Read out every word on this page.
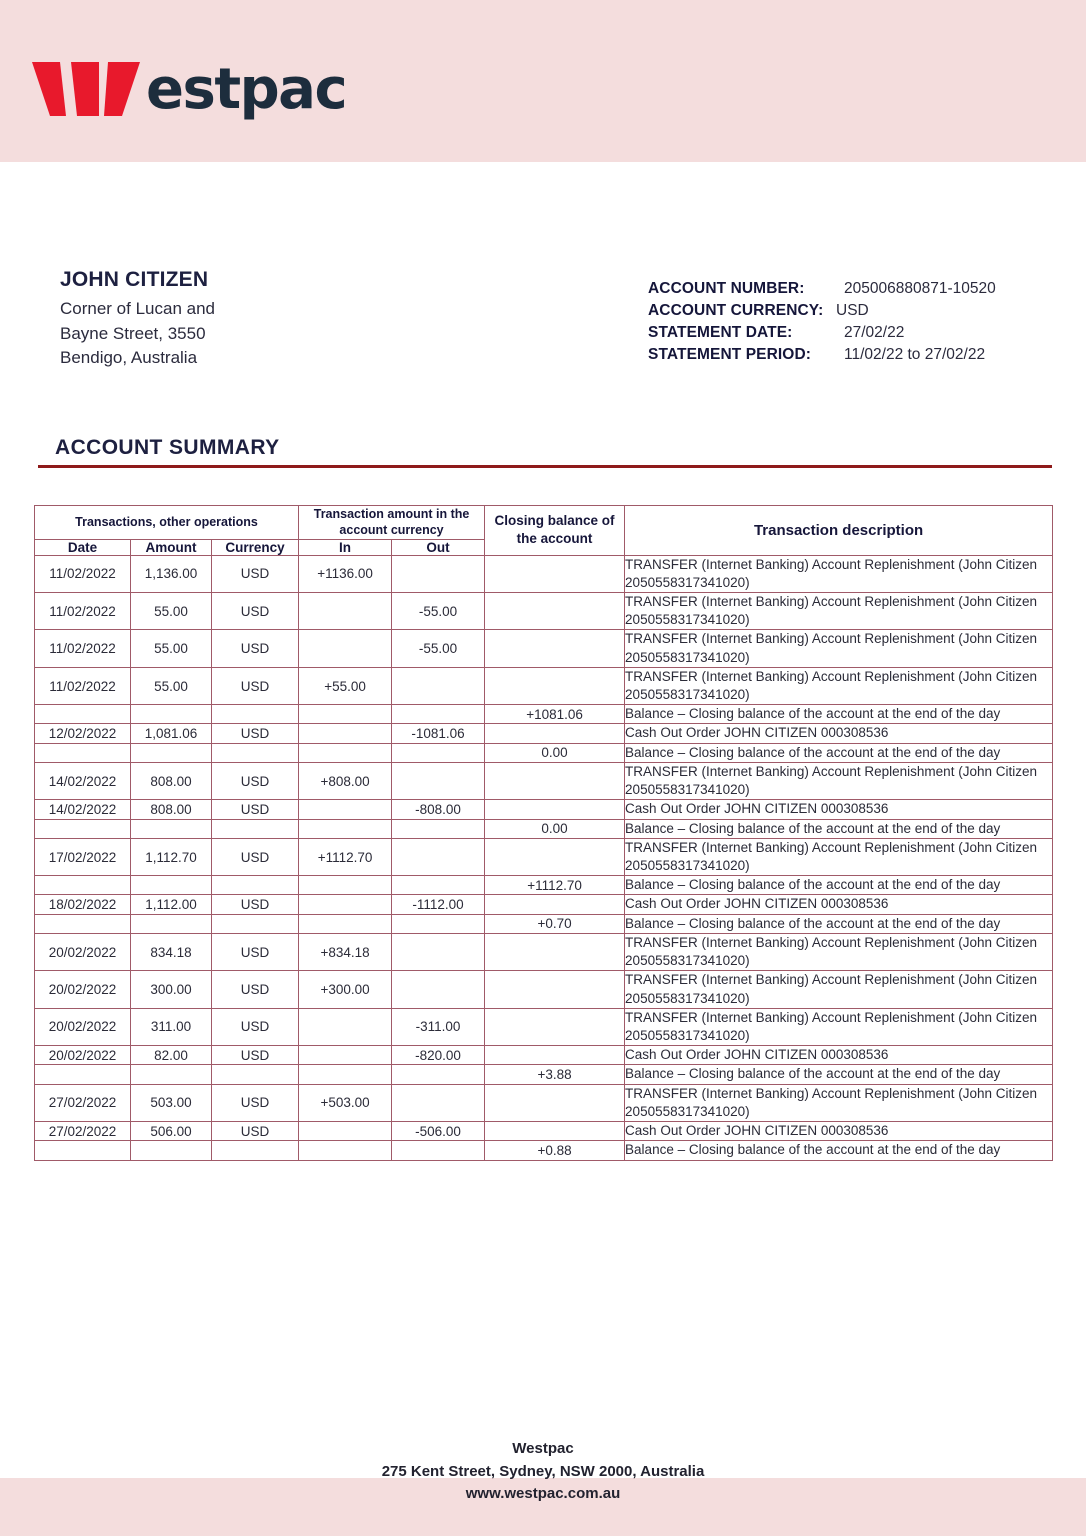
estpac
JOHN CITIZEN
Corner of Lucan and
Bayne Street, 3550
Bendigo, Australia
ACCOUNT NUMBER:	205006880871-10520
ACCOUNT CURRENCY: USD
STATEMENT DATE:	27/02/22
STATEMENT PERIOD:	11/02/22 to 27/02/22
ACCOUNT SUMMARY
Transactions, other operations			Transaction amount in the account currency		Closing balance of the account	Transaction description
Date	Amount	Currency	In	Out		
11/02/2022	1,136.00	USD	+1136.00			TRANSFER (Internet Banking) Account Replenishment (John Citizen 2050558317341020)
11/02/2022	55.00	USD		-55.00		TRANSFER (Internet Banking) Account Replenishment (John Citizen 2050558317341020)
11/02/2022	55.00	USD		-55.00		TRANSFER (Internet Banking) Account Replenishment (John Citizen 2050558317341020)
11/02/2022	55.00	USD	+55.00			TRANSFER (Internet Banking) Account Replenishment (John Citizen 2050558317341020)
					+1081.06	Balance – Closing balance of the account at the end of the day
12/02/2022	1,081.06	USD		-1081.06		Cash Out Order JOHN CITIZEN 000308536
					0.00	Balance – Closing balance of the account at the end of the day
14/02/2022	808.00	USD	+808.00			TRANSFER (Internet Banking) Account Replenishment (John Citizen 2050558317341020)
14/02/2022	808.00	USD		-808.00		Cash Out Order JOHN CITIZEN 000308536
					0.00	Balance – Closing balance of the account at the end of the day
17/02/2022	1,112.70	USD	+1112.70			TRANSFER (Internet Banking) Account Replenishment (John Citizen 2050558317341020)
					+1112.70	Balance – Closing balance of the account at the end of the day
18/02/2022	1,112.00	USD		-1112.00		Cash Out Order JOHN CITIZEN 000308536
					+0.70	Balance – Closing balance of the account at the end of the day
20/02/2022	834.18	USD	+834.18			TRANSFER (Internet Banking) Account Replenishment (John Citizen 2050558317341020)
20/02/2022	300.00	USD	+300.00			TRANSFER (Internet Banking) Account Replenishment (John Citizen 2050558317341020)
20/02/2022	311.00	USD		-311.00		TRANSFER (Internet Banking) Account Replenishment (John Citizen 2050558317341020)
20/02/2022	82.00	USD		-820.00		Cash Out Order JOHN CITIZEN 000308536
					+3.88	Balance – Closing balance of the account at the end of the day
27/02/2022	503.00	USD	+503.00			TRANSFER (Internet Banking) Account Replenishment (John Citizen 2050558317341020)
27/02/2022	506.00	USD		-506.00		Cash Out Order JOHN CITIZEN 000308536
					+0.88	Balance – Closing balance of the account at the end of the day
Westpac
275 Kent Street, Sydney, NSW 2000, Australia
www.westpac.com.au
